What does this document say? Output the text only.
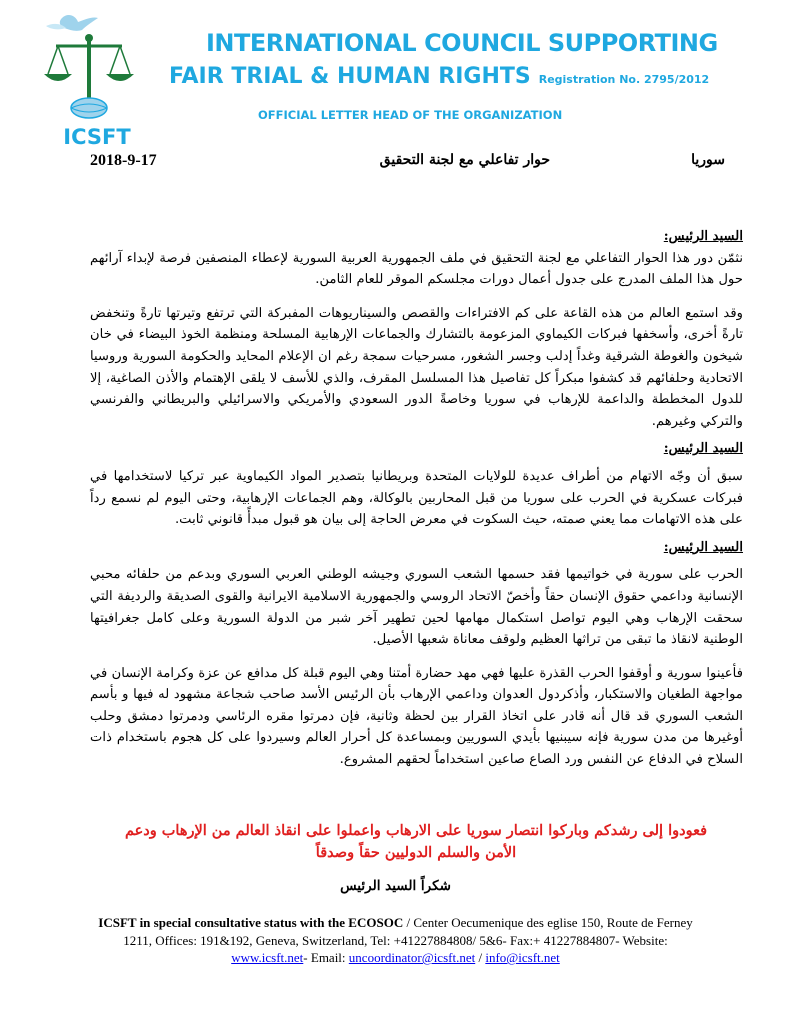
ICSFT
INTERNATIONAL COUNCIL SUPPORTING
FAIR TRIAL & HUMAN RIGHTS Registration No. 2795/2012
OFFICIAL LETTER HEAD OF THE ORGANIZATION
2018-9-17	حوار تفاعلي مع لجنة التحقيق	سوريا

السيد الرئيس:

نثمّن دور هذا الحوار التفاعلي مع لجنة التحقيق في ملف الجمهورية العربية السورية لإعطاء المنصفين فرصة لإبداء آرائهم حول هذا الملف المدرج على جدول أعمال دورات مجلسكم الموقر للعام الثامن.

وقد استمع العالم من هذه القاعة على كم الافتراءات والقصص والسيناريوهات المفبركة التي ترتفع وتيرتها تارةً وتنخفض تارةً أخرى، وأسخفها فبركات الكيماوي المزعومة بالتشارك والجماعات الإرهابية المسلحة ومنظمة الخوذ البيضاء في خان شيخون والغوطة الشرقية وغداً إدلب وجسر الشغور، مسرحيات سمجة رغم ان الإعلام المحايد والحكومة السورية وروسيا الاتحادية وحلفائهم قد كشفوا مبكراً كل تفاصيل هذا المسلسل المقرف، والذي للأسف لا يلقى الإهتمام والأذن الصاغية، إلا للدول المخططة والداعمة للإرهاب في سوريا وخاصةً الدور السعودي والأمريكي والاسرائيلي والبريطاني والفرنسي والتركي وغيرهم.

السيد الرئيس:

سبق أن وجّه الاتهام من أطراف عديدة للولايات المتحدة وبريطانيا بتصدير المواد الكيماوية عبر تركيا لاستخدامها في فبركات عسكرية في الحرب على سوريا من قبل المحاربين بالوكالة، وهم الجماعات الإرهابية، وحتى اليوم لم نسمع رداً على هذه الاتهامات مما يعني صمته، حيث السكوت في معرض الحاجة إلى بيان هو قبول مبدأً قانوني ثابت.

السيد الرئيس:

الحرب على سورية في خواتيمها فقد حسمها الشعب السوري وجيشه الوطني العربي السوري وبدعم من حلفائه محبي الإنسانية وداعمي حقوق الإنسان حقاً وأخصّ الاتحاد الروسي والجمهورية الاسلامية الايرانية والقوى الصديقة والرديفة التي سحقت الإرهاب وهي اليوم تواصل استكمال مهامها لحين تطهير آخر شبر من الدولة السورية وعلى كامل جغرافيتها الوطنية لانقاذ ما تبقى من تراثها العظيم ولوقف معاناة شعبها الأصيل.

فأعينوا سورية و أوقفوا الحرب القذرة عليها فهي مهد حضارة أمتنا وهي اليوم قبلة كل مدافع عن عزة وكرامة الإنسان في مواجهة الطغيان والاستكبار، وأذكردول العدوان وداعمي الإرهاب بأن الرئيس الأسد صاحب شجاعة مشهود له فيها و بأسم الشعب السوري قد قال أنه قادر على اتخاذ القرار بين لحظة وثانية، فإن دمرتوا مقره الرئاسي ودمرتوا دمشق وحلب أوغيرها من مدن سورية فإنه سيبنيها بأيدي السوريين وبمساعدة كل أحرار العالم وسيردوا على كل هجوم باستخدام ذات السلاح في الدفاع عن النفس ورد الصاع صاعين استخداماً لحقهم المشروع.

فعودوا إلى رشدكم وباركوا انتصار سوريا على الارهاب واعملوا على انقاذ العالم من الإرهاب ودعم
الأمن والسلم الدوليين حقاً وصدقاً
شكراً السيد الرئيس
ICSFT in special consultative status with the ECOSOC / Center Oecumenique des eglise 150, Route de Ferney
1211, Offices: 191&192, Geneva, Switzerland, Tel: +41227884808/ 5&6- Fax:+ 41227884807- Website:
www.icsft.net- Email: uncoordinator@icsft.net / info@icsft.net
